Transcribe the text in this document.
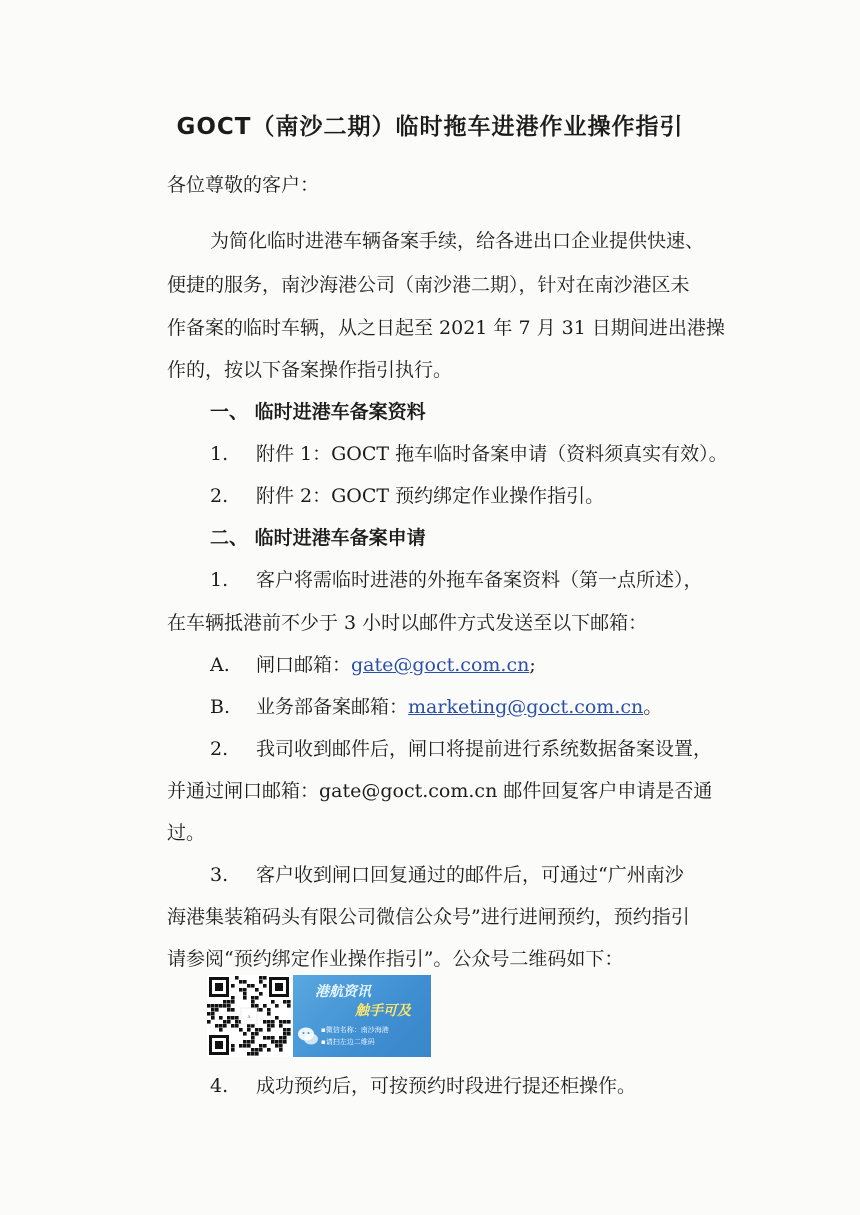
GOCT（南沙二期）临时拖车进港作业操作指引
各位尊敬的客户：
为简化临时进港车辆备案手续，给各进出口企业提供快速、
便捷的服务，南沙海港公司（南沙港二期），针对在南沙港区未
作备案的临时车辆，从之日起至 2021 年 7 月 31 日期间进出港操
作的，按以下备案操作指引执行。
一、 临时进港车备案资料
1. 附件 1：GOCT 拖车临时备案申请（资料须真实有效）。
2. 附件 2：GOCT 预约绑定作业操作指引。
二、 临时进港车备案申请
1. 客户将需临时进港的外拖车备案资料（第一点所述），
在车辆抵港前不少于 3 小时以邮件方式发送至以下邮箱：
A. 闸口邮箱：gate@goct.com.cn;
B. 业务部备案邮箱：marketing@goct.com.cn。
2. 我司收到邮件后，闸口将提前进行系统数据备案设置，
并通过闸口邮箱：gate@goct.com.cn 邮件回复客户申请是否通
过。
3. 客户收到闸口回复通过的邮件后，可通过“广州南沙
海港集装箱码头有限公司微信公众号”进行进闸预约，预约指引
请参阅“预约绑定作业操作指引”。公众号二维码如下：
⚓
港航资讯
触手可及
▪微信名称：南沙海港
▪请扫左边二维码
4. 成功预约后，可按预约时段进行提还柜操作。
